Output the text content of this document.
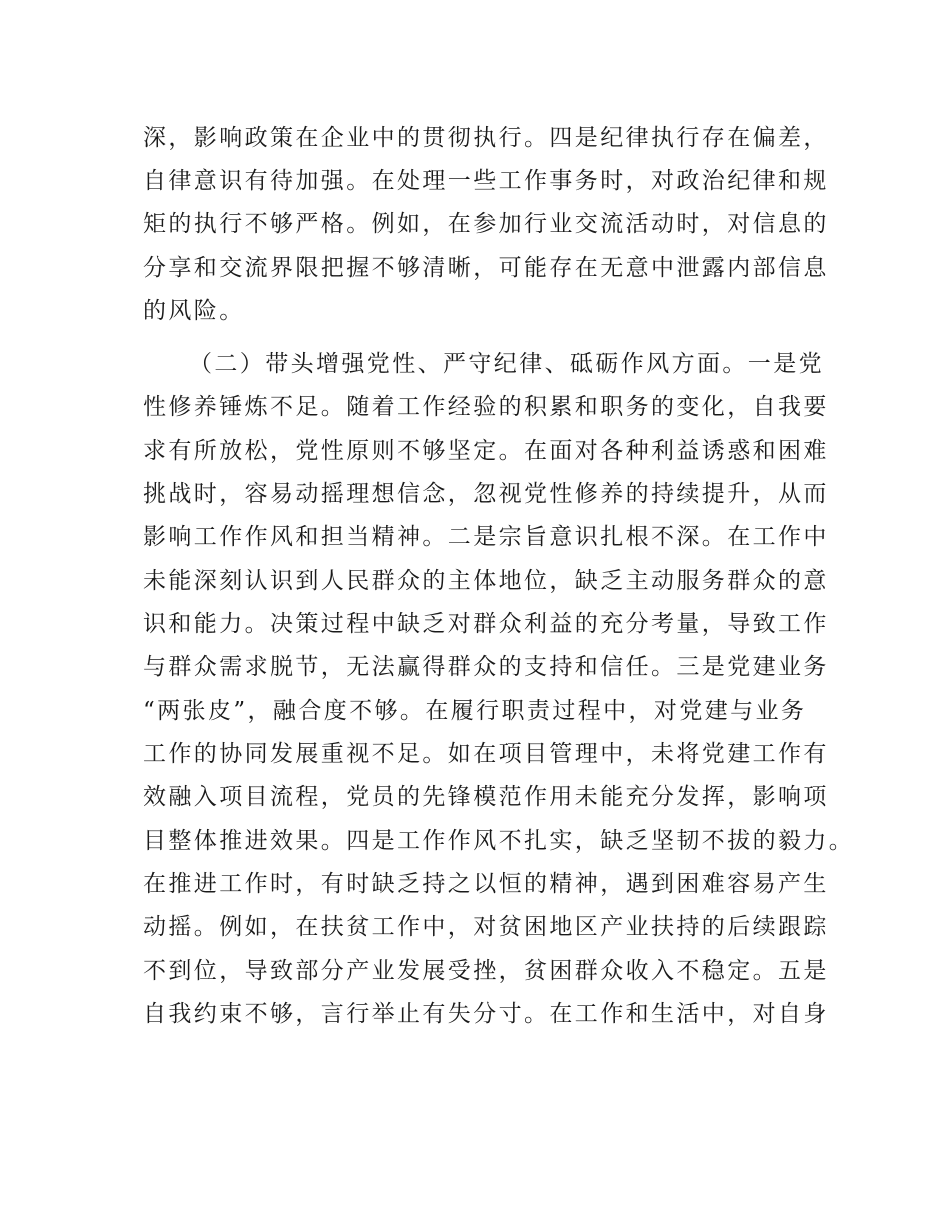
深，影响政策在企业中的贯彻执行。四是纪律执行存在偏差，
自律意识有待加强。在处理一些工作事务时，对政治纪律和规
矩的执行不够严格。例如，在参加行业交流活动时，对信息的
分享和交流界限把握不够清晰，可能存在无意中泄露内部信息
的风险。
（二）带头增强党性、严守纪律、砥砺作风方面。一是党
性修养锤炼不足。随着工作经验的积累和职务的变化，自我要
求有所放松，党性原则不够坚定。在面对各种利益诱惑和困难
挑战时，容易动摇理想信念，忽视党性修养的持续提升，从而
影响工作作风和担当精神。二是宗旨意识扎根不深。在工作中
未能深刻认识到人民群众的主体地位，缺乏主动服务群众的意
识和能力。决策过程中缺乏对群众利益的充分考量，导致工作
与群众需求脱节，无法赢得群众的支持和信任。三是党建业务
“两张皮”，融合度不够。在履行职责过程中，对党建与业务
工作的协同发展重视不足。如在项目管理中，未将党建工作有
效融入项目流程，党员的先锋模范作用未能充分发挥，影响项
目整体推进效果。四是工作作风不扎实，缺乏坚韧不拔的毅力。
在推进工作时，有时缺乏持之以恒的精神，遇到困难容易产生
动摇。例如，在扶贫工作中，对贫困地区产业扶持的后续跟踪
不到位，导致部分产业发展受挫，贫困群众收入不稳定。五是
自我约束不够，言行举止有失分寸。在工作和生活中，对自身
